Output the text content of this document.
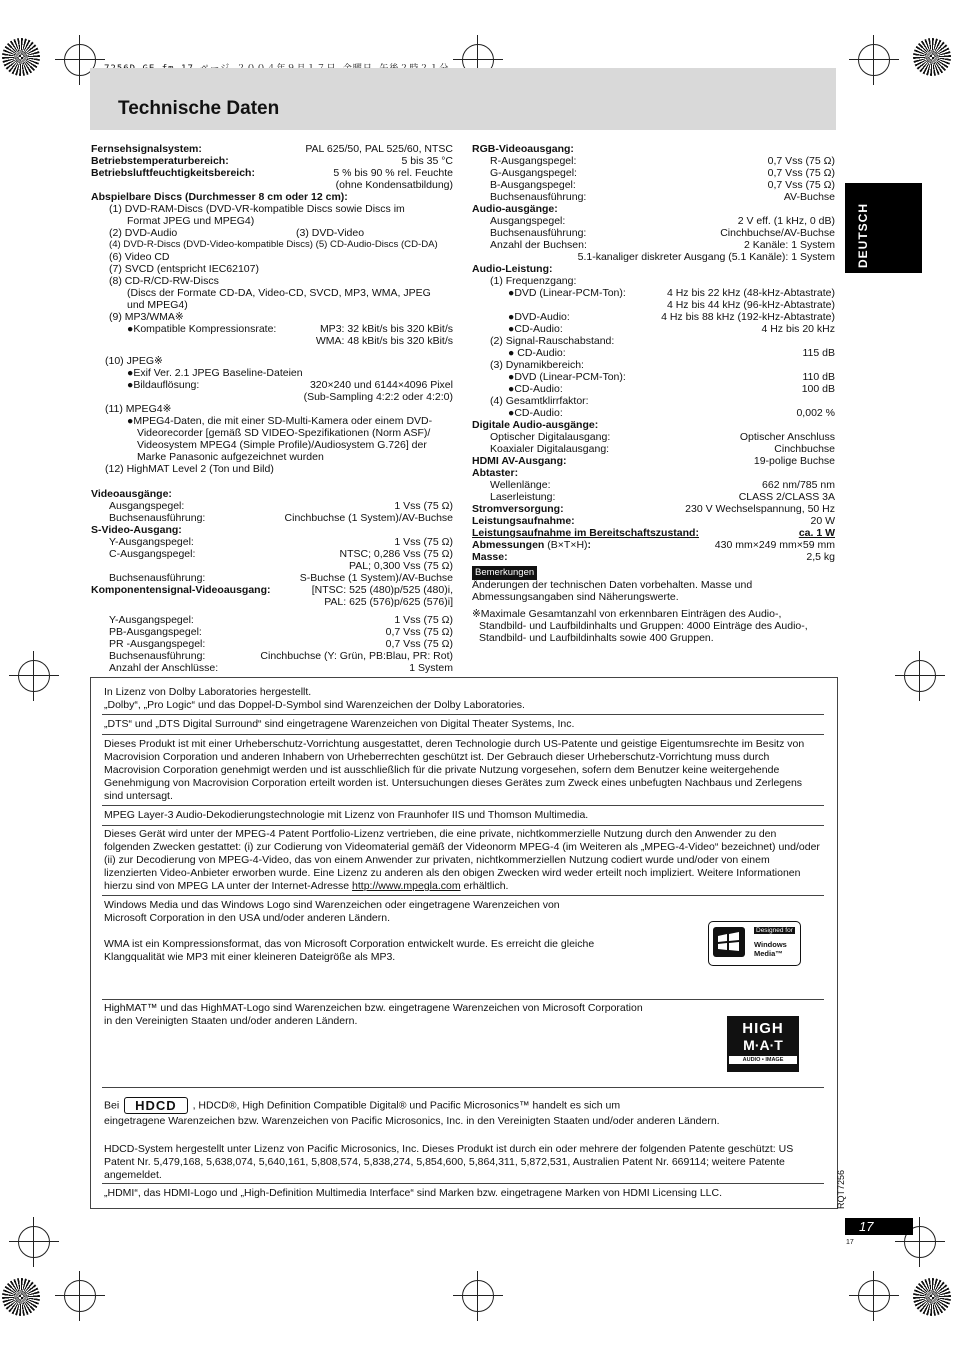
Technische Daten
DEUTSCH
Fernsehsignalsystem:	PAL 625/50, PAL 525/60, NTSC
Betriebstemperaturbereich:	5 bis 35 °C
Betriebsluftfeuchtigkeitsbereich:	5 % bis 90 % rel. Feuchte
(ohne Kondensatbildung)
Abspielbare Discs (Durchmesser 8 cm oder 12 cm):
(1) DVD-RAM-Discs (DVD-VR-kompatible Discs sowie Discs im
Format JPEG und MPEG4)
(2) DVD-Audio	(3) DVD-Video
(4) DVD-R-Discs (DVD-Video-kompatible Discs) (5) CD-Audio-Discs (CD-DA)
(6) Video CD
(7) SVCD (entspricht IEC62107)
(8) CD-R/CD-RW-Discs
(Discs der Formate CD-DA, Video-CD, SVCD, MP3, WMA, JPEG
und MPEG4)
(9) MP3/WMA※
●Kompatible Kompressionsrate:	MP3: 32 kBit/s bis 320 kBit/s
WMA: 48 kBit/s bis 320 kBit/s
(10) JPEG※
●Exif Ver. 2.1 JPEG Baseline-Dateien
●Bildauflösung:	320×240 und 6144×4096 Pixel
(Sub-Sampling 4:2:2 oder 4:2:0)
(11) MPEG4※
●MPEG4-Daten, die mit einer SD-Multi-Kamera oder einem DVD-
Videorecorder [gemäß SD VIDEO-Spezifikationen (Norm ASF)/
Videosystem MPEG4 (Simple Profile)/Audiosystem G.726] der
Marke Panasonic aufgezeichnet wurden
(12) HighMAT Level 2 (Ton und Bild)
Videoausgänge:
Ausgangspegel:	1 Vss (75 Ω)
Buchsenausführung:	Cinchbuchse (1 System)/AV-Buchse
S-Video-Ausgang:
Y-Ausgangspegel:	1 Vss (75 Ω)
C-Ausgangspegel:	NTSC; 0,286 Vss (75 Ω)
PAL; 0,300 Vss (75 Ω)
Buchsenausführung:	S-Buchse (1 System)/AV-Buchse
Komponentensignal-Videoausgang:	[NTSC: 525 (480)p/525 (480)i,
PAL: 625 (576)p/625 (576)i]
Y-Ausgangspegel:	1 Vss (75 Ω)
PB-Ausgangspegel:	0,7 Vss (75 Ω)
PR -Ausgangspegel:	0,7 Vss (75 Ω)
Buchsenausführung:	Cinchbuchse (Y: Grün, PB:Blau, PR: Rot)
Anzahl der Anschlüsse:	1 System
RGB-Videoausgang:
R-Ausgangspegel:	0,7 Vss (75 Ω)
G-Ausgangspegel:	0,7 Vss (75 Ω)
B-Ausgangspegel:	0,7 Vss (75 Ω)
Buchsenausführung:	AV-Buchse
Audio-ausgänge:
Ausgangspegel:	2 V eff. (1 kHz, 0 dB)
Buchsenausführung:	Cinchbuchse/AV-Buchse
Anzahl der Buchsen:	2 Kanäle: 1 System
5.1-kanaliger diskreter Ausgang (5.1 Kanäle): 1 System
Audio-Leistung:
(1) Frequenzgang:
●DVD (Linear-PCM-Ton):	4 Hz bis 22 kHz (48-kHz-Abtastrate)
4 Hz bis 44 kHz (96-kHz-Abtastrate)
●DVD-Audio:	4 Hz bis 88 kHz (192-kHz-Abtastrate)
●CD-Audio:	4 Hz bis 20 kHz
(2) Signal-Rauschabstand:
● CD-Audio:	115 dB
(3) Dynamikbereich:
●DVD (Linear-PCM-Ton):	110 dB
●CD-Audio:	100 dB
(4) Gesamtklirrfaktor:
●CD-Audio:	0,002 %
Digitale Audio-ausgänge:
Optischer Digitalausgang:	Optischer Anschluss
Koaxialer Digitalausgang:	Cinchbuchse
HDMI AV-Ausgang:	19-polige Buchse
Abtaster:
Wellenlänge:	662 nm/785 nm
Laserleistung:	CLASS 2/CLASS 3A
Stromversorgung:	230 V Wechselspannung, 50 Hz
Leistungsaufnahme:	20 W
Leistungsaufnahme im Bereitschaftszustand:	ca. 1 W
Abmessungen (B×T×H):	430 mm×249 mm×59 mm
Masse:	2,5 kg
Bemerkungen
Änderungen der technischen Daten vorbehalten. Masse und
Abmessungsangaben sind Näherungswerte.
※Maximale Gesamtanzahl von erkennbaren Einträgen des Audio-,
Standbild- und Laufbildinhalts und Gruppen: 4000 Einträge des Audio-,
Standbild- und Laufbildinhalts sowie 400 Gruppen.
In Lizenz von Dolby Laboratories hergestellt.
„Dolby“, „Pro Logic“ und das Doppel-D-Symbol sind Warenzeichen der Dolby Laboratories.
„DTS“ und „DTS Digital Surround“ sind eingetragene Warenzeichen von Digital Theater Systems, Inc.
Dieses Produkt ist mit einer Urheberschutz-Vorrichtung ausgestattet, deren Technologie durch US-Patente und geistige Eigentumsrechte im Besitz von Macrovision Corporation und anderen Inhabern von Urheberrechten geschützt ist. Der Gebrauch dieser Urheberschutz-Vorrichtung muss durch Macrovision Corporation genehmigt werden und ist ausschließlich für die private Nutzung vorgesehen, sofern dem Benutzer keine weitergehende Genehmigung von Macrovision Corporation erteilt worden ist. Untersuchungen dieses Gerätes zum Zweck eines unbefugten Nachbaus und Zerlegens sind untersagt.
MPEG Layer-3 Audio-Dekodierungstechnologie mit Lizenz von Fraunhofer IIS und Thomson Multimedia.
Dieses Gerät wird unter der MPEG-4 Patent Portfolio-Lizenz vertrieben, die eine private, nichtkommerzielle Nutzung durch den Anwender zu den folgenden Zwecken gestattet: (i) zur Codierung von Videomaterial gemäß der Videonorm MPEG-4 (im Weiteren als „MPEG-4-Video“ bezeichnet) und/oder (ii) zur Decodierung von MPEG-4-Video, das von einem Anwender zur privaten, nichtkommerziellen Nutzung codiert wurde und/oder von einem lizenzierten Video-Anbieter erworben wurde. Eine Lizenz zu anderen als den obigen Zwecken wird weder erteilt noch impliziert. Weitere Informationen hierzu sind von MPEG LA unter der Internet-Adresse http://www.mpegla.com erhältlich.
Windows Media und das Windows Logo sind Warenzeichen oder eingetragene Warenzeichen von
Microsoft Corporation in den USA und/oder anderen Ländern.
WMA ist ein Kompressionsformat, das von Microsoft Corporation entwickelt wurde. Es erreicht die gleiche
Klangqualität wie MP3 mit einer kleineren Dateigröße als MP3.
Designed for
Windows
Media™
HighMAT™ und das HighMAT-Logo sind Warenzeichen bzw. eingetragene Warenzeichen von Microsoft Corporation
in den Vereinigten Staaten und/oder anderen Ländern.	HIGH
M·A·T
AUDIO • IMAGE
Bei HDCD , HDCD®, High Definition Compatible Digital® und Pacific Microsonics™ handelt es sich um
eingetragene Warenzeichen bzw. Warenzeichen von Pacific Microsonics, Inc. in den Vereinigten Staaten und/oder anderen Ländern.
HDCD-System hergestellt unter Lizenz von Pacific Microsonics, Inc. Dieses Produkt ist durch ein oder mehrere der folgenden Patente geschützt: US Patent Nr. 5,479,168, 5,638,074, 5,640,161, 5,808,574, 5,838,274, 5,854,600, 5,864,311, 5,872,531, Australien Patent Nr. 669114; weitere Patente angemeldet.
„HDMI“, das HDMI-Logo und „High-Definition Multimedia Interface“ sind Marken bzw. eingetragene Marken von HDMI Licensing LLC.	RQT7256
17
17
